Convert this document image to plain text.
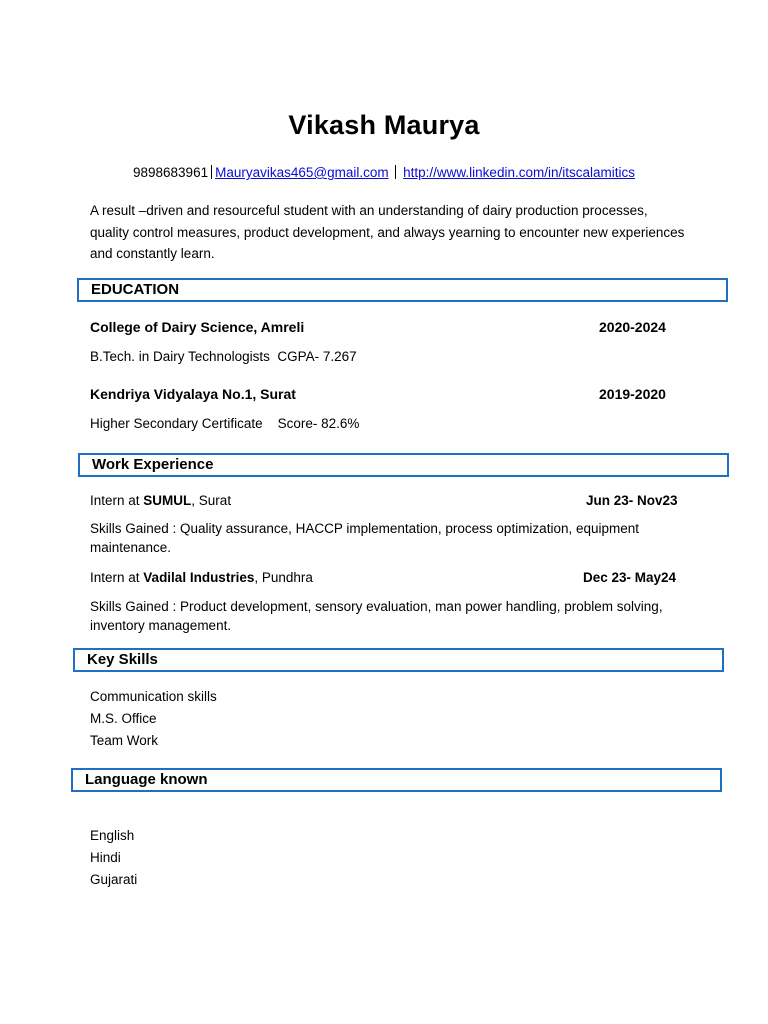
Vikash Maurya
9898683961 Mauryavikas465@gmail.com http://www.linkedin.com/in/itscalamitics
A result –driven and resourceful student with an understanding of dairy production processes, quality control measures, product development, and always yearning to encounter new experiences and constantly learn.
EDUCATION
College of Dairy Science, Amreli	2020-2024
B.Tech. in Dairy Technologists  CGPA- 7.267
Kendriya Vidyalaya No.1, Surat	2019-2020
Higher Secondary Certificate    Score- 82.6%
Work Experience
Intern at SUMUL, Surat	Jun 23- Nov23
Skills Gained : Quality assurance, HACCP implementation, process optimization, equipment maintenance.
Intern at Vadilal Industries, Pundhra	Dec 23- May24
Skills Gained : Product development, sensory evaluation, man power handling, problem solving, inventory management.
Key Skills
Communication skills
M.S. Office
Team Work
Language known
English
Hindi
Gujarati
